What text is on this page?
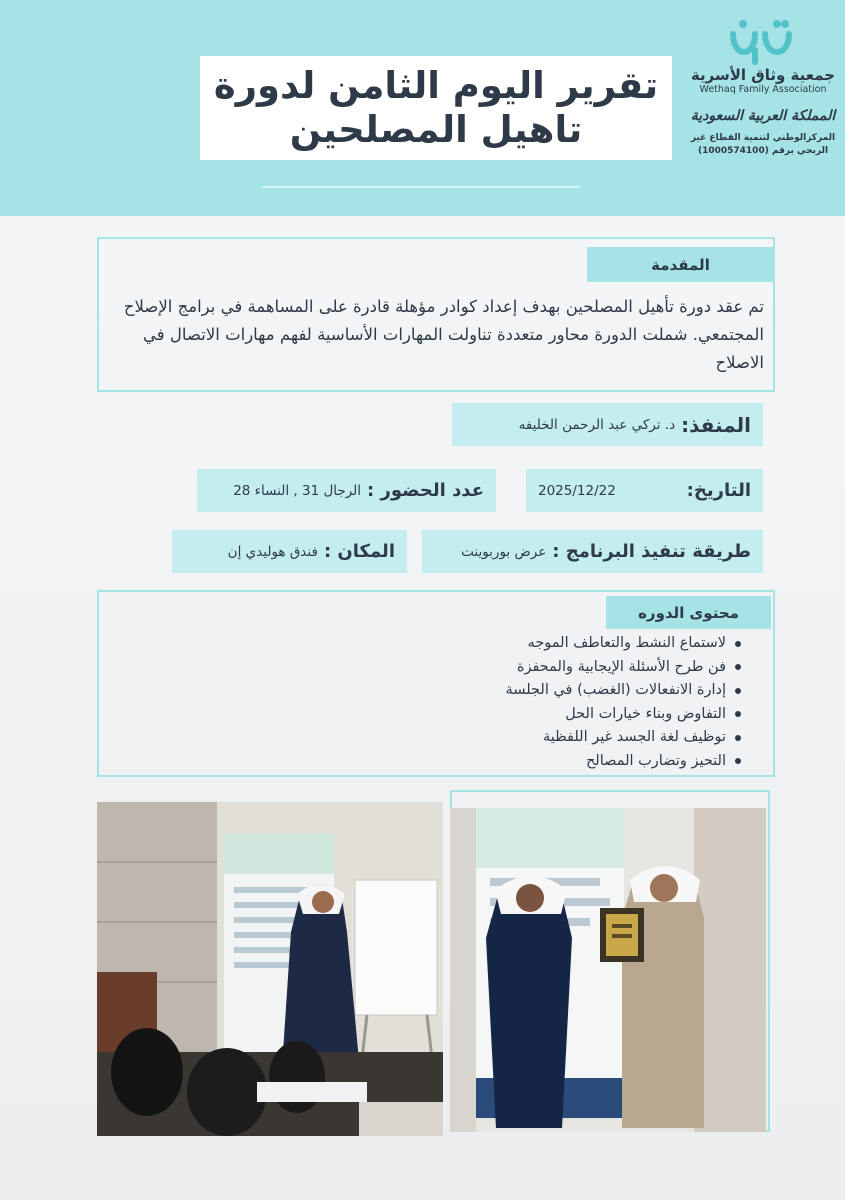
تقرير اليوم الثامن لدورة
تاهيل المصلحين
جمعية وثاق الأسرية
Wethaq Family Association
المملكة العربية السعودية
المركزالوطني لتنمية القطاع غير
الربحي برقم (1000574100)
المقدمة

تم عقد دورة تأهيل المصلحين بهدف إعداد كوادر مؤهلة قادرة على المساهمة في برامج الإصلاح المجتمعي. شملت الدورة محاور متعددة تناولت المهارات الأساسية لفهم مهارات الاتصال في الاصلاح

المنفذ:
د. تركي عبد الرحمن الخليفه
التاريخ:
2025/12/22
عدد الحضور :
الرجال 31 , النساء 28
طريقة تنفيذ البرنامج :
عرض بوربوينت
المكان :
فندق هوليدي إن
محتوى الدوره
لاستماع النشط والتعاطف الموجه
فن طرح الأسئلة الإيجابية والمحفزة
إدارة الانفعالات (الغضب) في الجلسة
التفاوض وبناء خيارات الحل
توظيف لغة الجسد غير اللفظية
التحيز وتضارب المصالح
